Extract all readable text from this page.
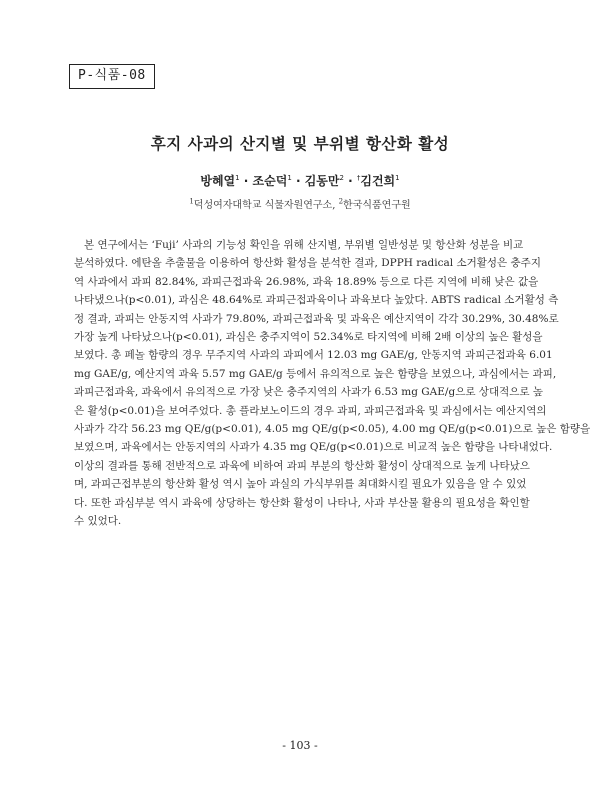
P-식품-08
후지 사과의 산지별 및 부위별 항산화 활성
방혜열$^1$ · 조순덕$^1$ · 김동만$^2$ · †김건희$^1$
$^1$덕성여자대학교 식물자원연구소, $^2$한국식품연구원
본 연구에서는 ‘Fuji’ 사과의 기능성 확인을 위해 산지별, 부위별 일반성분 및 항산화 성분을 비교
분석하였다. 에탄올 추출물을 이용하여 항산화 활성을 분석한 결과, DPPH radical 소거활성은 충주지
역 사과에서 과피 82.84%, 과피근접과육 26.98%, 과육 18.89% 등으로 다른 지역에 비해 낮은 값을
나타냈으나(p<0.01), 과심은 48.64%로 과피근접과육이나 과육보다 높았다. ABTS radical 소거활성 측
정 결과, 과피는 안동지역 사과가 79.80%, 과피근접과육 및 과육은 예산지역이 각각 30.29%, 30.48%로
가장 높게 나타났으나(p<0.01), 과심은 충주지역이 52.34%로 타지역에 비해 2배 이상의 높은 활성을
보였다. 총 페놀 함량의 경우 무주지역 사과의 과피에서 12.03 mg GAE/g, 안동지역 과피근접과육 6.01
mg GAE/g, 예산지역 과육 5.57 mg GAE/g 등에서 유의적으로 높은 함량을 보였으나, 과심에서는 과피,
과피근접과육, 과육에서 유의적으로 가장 낮은 충주지역의 사과가 6.53 mg GAE/g으로 상대적으로 높
은 활성(p<0.01)을 보여주었다. 총 플라보노이드의 경우 과피, 과피근접과육 및 과심에서는 예산지역의
사과가 각각 56.23 mg QE/g(p<0.01), 4.05 mg QE/g(p<0.05), 4.00 mg QE/g(p<0.01)으로 높은 함량을
보였으며, 과육에서는 안동지역의 사과가 4.35 mg QE/g(p<0.01)으로 비교적 높은 함량을 나타내었다.
이상의 결과를 통해 전반적으로 과육에 비하여 과피 부분의 항산화 활성이 상대적으로 높게 나타났으
며, 과피근접부분의 항산화 활성 역시 높아 과실의 가식부위를 최대화시킬 필요가 있음을 알 수 있었
다. 또한 과심부분 역시 과육에 상당하는 항산화 활성이 나타나, 사과 부산물 활용의 필요성을 확인할
수 있었다.
- 103 -
